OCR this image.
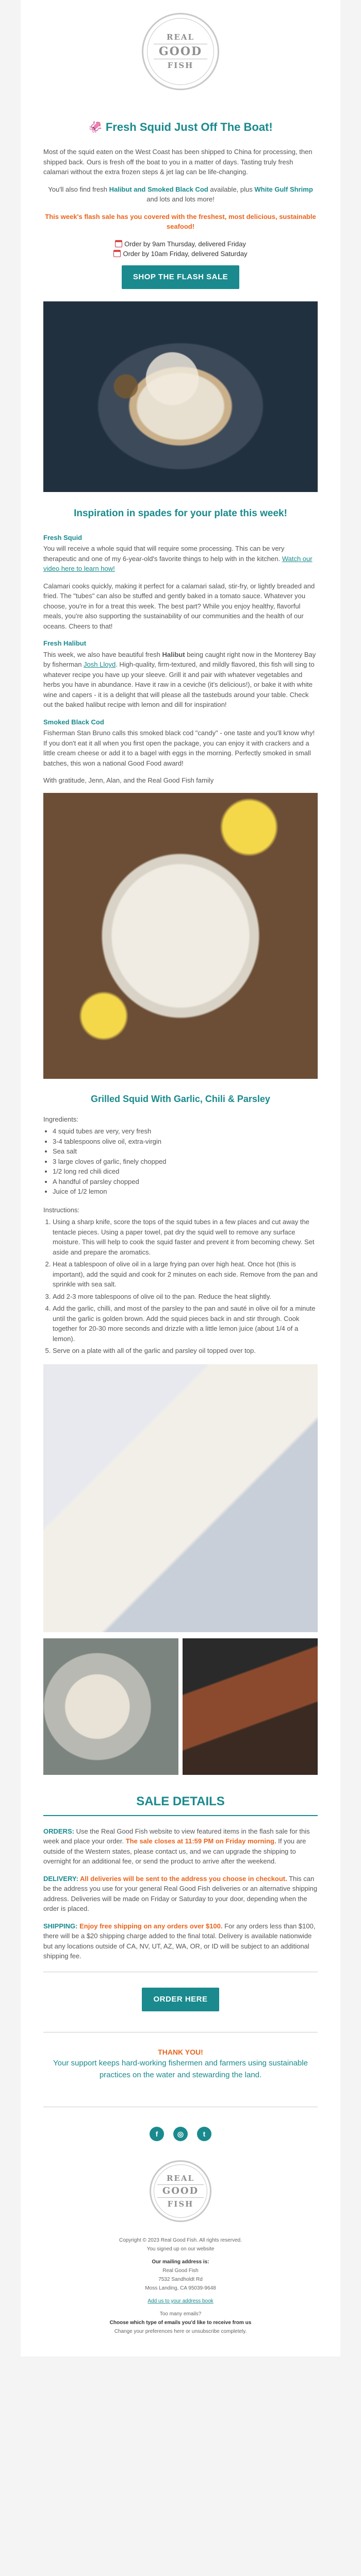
REAL
GOOD
FISH
🦑 Fresh Squid Just Off The Boat!

Most of the squid eaten on the West Coast has been shipped to China for processing, then shipped back. Ours is fresh off the boat to you in a matter of days. Tasting truly fresh calamari without the extra frozen steps & jet lag can be life-changing.

You'll also find fresh Halibut and Smoked Black Cod available, plus White Gulf Shrimp and lots and lots more!

This week's flash sale has you covered with the freshest, most delicious, sustainable seafood!

Order by 9am Thursday, delivered Friday
Order by 10am Friday, delivered Saturday
SHOP THE FLASH SALE
Inspiration in spades for your plate this week!
Fresh Squid

You will receive a whole squid that will require some processing. This can be very therapeutic and one of my 6-year-old's favorite things to help with in the kitchen. Watch our video here to learn how!

Calamari cooks quickly, making it perfect for a calamari salad, stir-fry, or lightly breaded and fried. The "tubes" can also be stuffed and gently baked in a tomato sauce. Whatever you choose, you're in for a treat this week. The best part? While you enjoy healthy, flavorful meals, you're also supporting the sustainability of our communities and the health of our oceans. Cheers to that!

Fresh Halibut

This week, we also have beautiful fresh Halibut being caught right now in the Monterey Bay by fisherman Josh Lloyd. High-quality, firm-textured, and mildly flavored, this fish will sing to whatever recipe you have up your sleeve. Grill it and pair with whatever vegetables and herbs you have in abundance. Have it raw in a ceviche (it's delicious!), or bake it with white wine and capers - it is a delight that will please all the tastebuds around your table. Check out the baked halibut recipe with lemon and dill for inspiration!

Smoked Black Cod

Fisherman Stan Bruno calls this smoked black cod "candy" - one taste and you'll know why! If you don't eat it all when you first open the package, you can enjoy it with crackers and a little cream cheese or add it to a bagel with eggs in the morning. Perfectly smoked in small batches, this won a national Good Food award!

With gratitude, Jenn, Alan, and the Real Good Fish family

Grilled Squid With Garlic, Chili & Parsley
Ingredients:
• 4 squid tubes are very, very fresh
• 3-4 tablespoons olive oil, extra-virgin
• Sea salt
• 3 large cloves of garlic, finely chopped
• 1/2 long red chili diced
• A handful of parsley chopped
• Juice of 1/2 lemon
Instructions:
1. Using a sharp knife, score the tops of the squid tubes in a few places and cut away the tentacle pieces. Using a paper towel, pat dry the squid well to remove any surface moisture. This will help to cook the squid faster and prevent it from becoming chewy. Set aside and prepare the aromatics.
2. Heat a tablespoon of olive oil in a large frying pan over high heat. Once hot (this is important), add the squid and cook for 2 minutes on each side. Remove from the pan and sprinkle with sea salt.
3. Add 2-3 more tablespoons of olive oil to the pan. Reduce the heat slightly.
4. Add the garlic, chilli, and most of the parsley to the pan and sauté in olive oil for a minute until the garlic is golden brown. Add the squid pieces back in and stir through. Cook together for 20-30 more seconds and drizzle with a little lemon juice (about 1/4 of a lemon).
5. Serve on a plate with all of the garlic and parsley oil topped over top.
SALE DETAILS

ORDERS: Use the Real Good Fish website to view featured items in the flash sale for this week and place your order. The sale closes at 11:59 PM on Friday morning. If you are outside of the Western states, please contact us, and we can upgrade the shipping to overnight for an additional fee, or send the product to arrive after the weekend.

DELIVERY: All deliveries will be sent to the address you choose in checkout. This can be the address you use for your general Real Good Fish deliveries or an alternative shipping address. Deliveries will be made on Friday or Saturday to your door, depending when the order is placed.

SHIPPING: Enjoy free shipping on any orders over $100. For any orders less than $100, there will be a $20 shipping charge added to the final total. Delivery is available nationwide but any locations outside of CA, NV, UT, AZ, WA, OR, or ID will be subject to an additional shipping fee.

ORDER HERE
THANK YOU!
Your support keeps hard-working fishermen and farmers using sustainable practices on the water and stewarding the land.
f	◎	t
REAL
GOOD
FISH
Copyright © 2023 Real Good Fish. All rights reserved.
You signed up on our website
Our mailing address is:
Real Good Fish
7532 Sandholdt Rd
Moss Landing, CA 95039-9648
Add us to your address book
Too many emails?
Choose which type of emails you'd like to receive from us
Change your preferences here or unsubscribe completely.
